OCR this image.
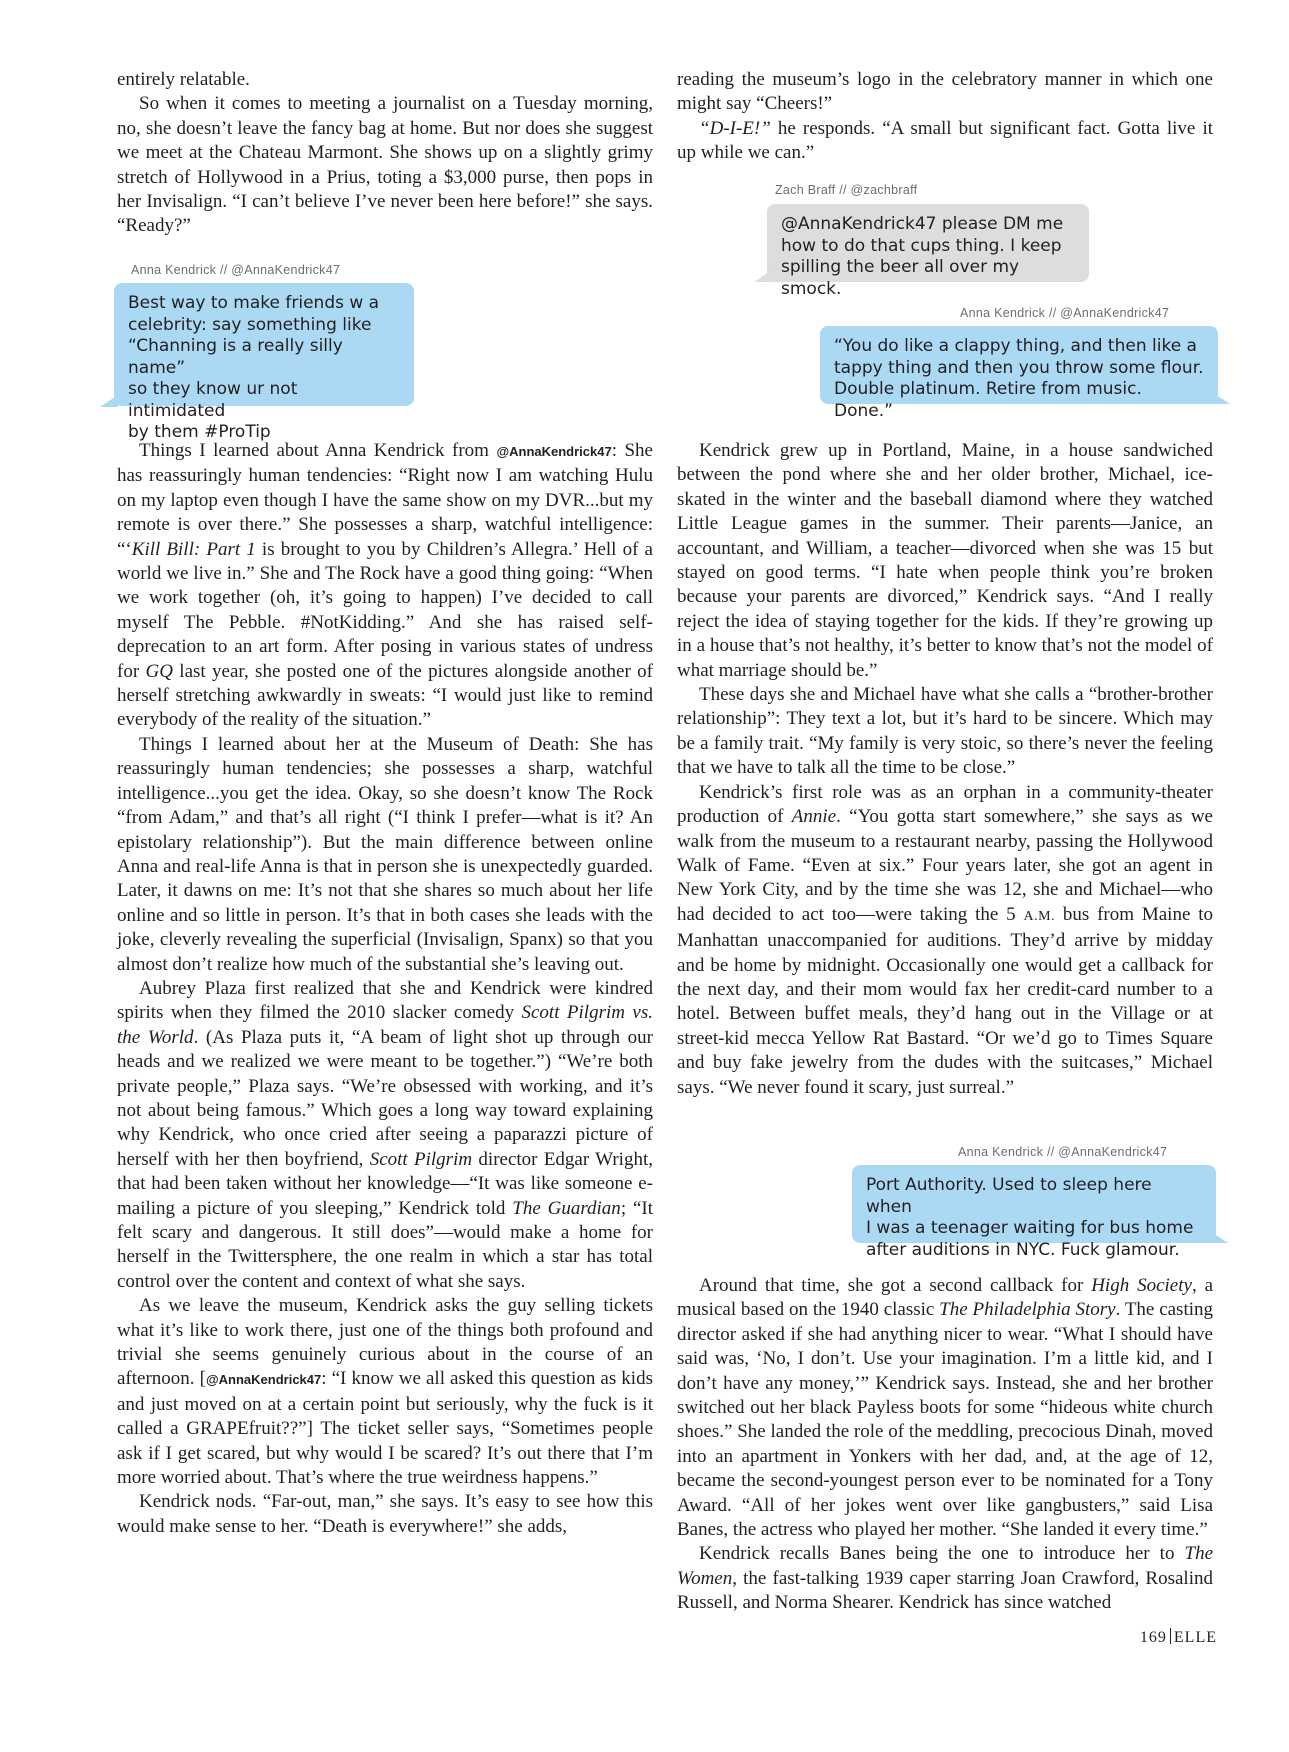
entirely relatable.

So when it comes to meeting a journalist on a Tuesday morning, no, she doesn’t leave the fancy bag at home. But nor does she suggest we meet at the Chateau Marmont. She shows up on a slightly grimy stretch of Hollywood in a Prius, toting a $3,000 purse, then pops in her Invisalign. “I can’t believe I’ve never been here before!” she says. “Ready?”

Anna Kendrick // @AnnaKendrick47
Best way to make friends w a
celebrity: say something like
“Channing is a really silly name”
so they know ur not intimidated
by them #ProTip

reading the museum’s logo in the celebratory manner in which one might say “Cheers!”

“D-I-E!” he responds. “A small but significant fact. Gotta live it up while we can.”

Zach Braff // @zachbraff
@AnnaKendrick47 please DM me
how to do that cups thing. I keep
spilling the beer all over my smock.
Anna Kendrick // @AnnaKendrick47
“You do like a clappy thing, and then like a
tappy thing and then you throw some flour.
Double platinum. Retire from music. Done.”

Things I learned about Anna Kendrick from @AnnaKendrick47: She has reassuringly human tendencies: “Right now I am watching Hulu on my laptop even though I have the same show on my DVR...but my remote is over there.” She possesses a sharp, watchful intelligence: “‘Kill Bill: Part 1 is brought to you by Children’s Allegra.’ Hell of a world we live in.” She and The Rock have a good thing going: “When we work together (oh, it’s going to happen) I’ve decided to call myself The Pebble. #NotKidding.” And she has raised self-deprecation to an art form. After posing in various states of undress for GQ last year, she posted one of the pictures alongside another of herself stretching awkwardly in sweats: “I would just like to remind everybody of the reality of the situation.”

Things I learned about her at the Museum of Death: She has reassuringly human tendencies; she possesses a sharp, watchful intelligence...you get the idea. Okay, so she doesn’t know The Rock “from Adam,” and that’s all right (“I think I prefer—what is it? An epistolary relationship”). But the main difference between online Anna and real-life Anna is that in person she is unexpectedly guarded. Later, it dawns on me: It’s not that she shares so much about her life online and so little in person. It’s that in both cases she leads with the joke, cleverly revealing the superficial (Invisalign, Spanx) so that you almost don’t realize how much of the substantial she’s leaving out.

Aubrey Plaza first realized that she and Kendrick were kindred spirits when they filmed the 2010 slacker comedy Scott Pilgrim vs. the World. (As Plaza puts it, “A beam of light shot up through our heads and we realized we were meant to be together.”) “We’re both private people,” Plaza says. “We’re obsessed with working, and it’s not about being famous.” Which goes a long way toward explaining why Kendrick, who once cried after seeing a paparazzi picture of herself with her then boyfriend, Scott Pilgrim director Edgar Wright, that had been taken without her knowledge—“It was like someone e-mailing a picture of you sleeping,” Kendrick told The Guardian; “It felt scary and dangerous. It still does”—would make a home for herself in the Twittersphere, the one realm in which a star has total control over the content and context of what she says.

As we leave the museum, Kendrick asks the guy selling tickets what it’s like to work there, just one of the things both profound and trivial she seems genuinely curious about in the course of an afternoon. [@AnnaKendrick47: “I know we all asked this question as kids and just moved on at a certain point but seriously, why the fuck is it called a GRAPEfruit??”] The ticket seller says, “Sometimes people ask if I get scared, but why would I be scared? It’s out there that I’m more worried about. That’s where the true weirdness happens.”

Kendrick nods. “Far-out, man,” she says. It’s easy to see how this would make sense to her. “Death is everywhere!” she adds,

Kendrick grew up in Portland, Maine, in a house sandwiched between the pond where she and her older brother, Michael, ice-skated in the winter and the baseball diamond where they watched Little League games in the summer. Their parents—Janice, an accountant, and William, a teacher—divorced when she was 15 but stayed on good terms. “I hate when people think you’re broken because your parents are divorced,” Kendrick says. “And I really reject the idea of staying together for the kids. If they’re growing up in a house that’s not healthy, it’s better to know that’s not the model of what marriage should be.”

These days she and Michael have what she calls a “brother-brother relationship”: They text a lot, but it’s hard to be sincere. Which may be a family trait. “My family is very stoic, so there’s never the feeling that we have to talk all the time to be close.”

Kendrick’s first role was as an orphan in a community-theater production of Annie. “You gotta start somewhere,” she says as we walk from the museum to a restaurant nearby, passing the Hollywood Walk of Fame. “Even at six.” Four years later, she got an agent in New York City, and by the time she was 12, she and Michael—who had decided to act too—were taking the 5 A.M. bus from Maine to Manhattan unaccompanied for auditions. They’d arrive by midday and be home by midnight. Occasionally one would get a callback for the next day, and their mom would fax her credit-card number to a hotel. Between buffet meals, they’d hang out in the Village or at street-kid mecca Yellow Rat Bastard. “Or we’d go to Times Square and buy fake jewelry from the dudes with the suitcases,” Michael says. “We never found it scary, just surreal.”

Anna Kendrick // @AnnaKendrick47
Port Authority. Used to sleep here when
I was a teenager waiting for bus home
after auditions in NYC. Fuck glamour.

Around that time, she got a second callback for High Society, a musical based on the 1940 classic The Philadelphia Story. The casting director asked if she had anything nicer to wear. “What I should have said was, ‘No, I don’t. Use your imagination. I’m a little kid, and I don’t have any money,’” Kendrick says. Instead, she and her brother switched out her black Payless boots for some “hideous white church shoes.” She landed the role of the meddling, precocious Dinah, moved into an apartment in Yonkers with her dad, and, at the age of 12, became the second-youngest person ever to be nominated for a Tony Award. “All of her jokes went over like gangbusters,” said Lisa Banes, the actress who played her mother. “She landed it every time.”

Kendrick recalls Banes being the one to introduce her to The Women, the fast-talking 1939 caper starring Joan Crawford, Rosalind Russell, and Norma Shearer. Kendrick has since watched

169 ELLE
